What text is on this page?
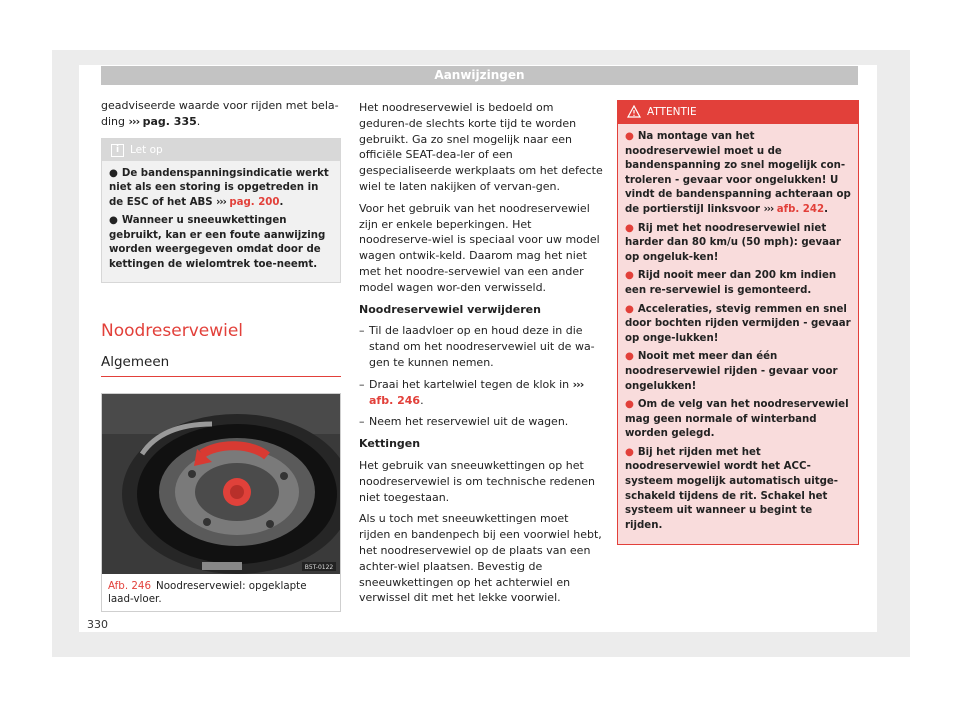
Aanwijzingen

geadviseerde waarde voor rijden met bela-ding ››› pag. 335.

i	Let op
● De bandenspanningsindicatie werkt niet als een storing is opgetreden in de ESC of het ABS ››› pag. 200.
● Wanneer u sneeuwkettingen gebruikt, kan er een foute aanwijzing worden weergegeven omdat door de kettingen de wielomtrek toe-neemt.
Noodreservewiel
Algemeen
B5T-0122
Afb. 246 Noodreservewiel: opgeklapte laad-vloer.

Het noodreservewiel is bedoeld om geduren-de slechts korte tijd te worden gebruikt. Ga zo snel mogelijk naar een officiële SEAT-dea-ler of een gespecialiseerde werkplaats om het defecte wiel te laten nakijken of vervan-gen.

Voor het gebruik van het noodreservewiel zijn er enkele beperkingen. Het noodreserve-wiel is speciaal voor uw model wagen ontwik-keld. Daarom mag het niet met het noodre-servewiel van een ander model wagen wor-den verwisseld.

Noodreservewiel verwijderen

– Til de laadvloer op en houd deze in die stand om het noodreservewiel uit de wa-gen te kunnen nemen.
– Draai het kartelwiel tegen de klok in ››› afb. 246.
– Neem het reservewiel uit de wagen.

Kettingen

Het gebruik van sneeuwkettingen op het noodreservewiel is om technische redenen niet toegestaan.

Als u toch met sneeuwkettingen moet rijden en bandenpech bij een voorwiel hebt, het noodreservewiel op de plaats van een achter-wiel plaatsen. Bevestig de sneeuwkettingen op het achterwiel en verwissel dit met het lekke voorwiel.

ATTENTIE
● Na montage van het noodreservewiel moet u de bandenspanning zo snel mogelijk con-troleren - gevaar voor ongelukken! U vindt de bandenspanning achteraan op de portierstijl linksvoor ››› afb. 242.
● Rij met het noodreservewiel niet harder dan 80 km/u (50 mph): gevaar op ongeluk-ken!
● Rijd nooit meer dan 200 km indien een re-servewiel is gemonteerd.
● Acceleraties, stevig remmen en snel door bochten rijden vermijden - gevaar op onge-lukken!
● Nooit met meer dan één noodreservewiel rijden - gevaar voor ongelukken!
● Om de velg van het noodreservewiel mag geen normale of winterband worden gelegd.
● Bij het rijden met het noodreservewiel wordt het ACC-systeem mogelijk automatisch uitge-schakeld tijdens de rit. Schakel het systeem uit wanneer u begint te rijden.
330
